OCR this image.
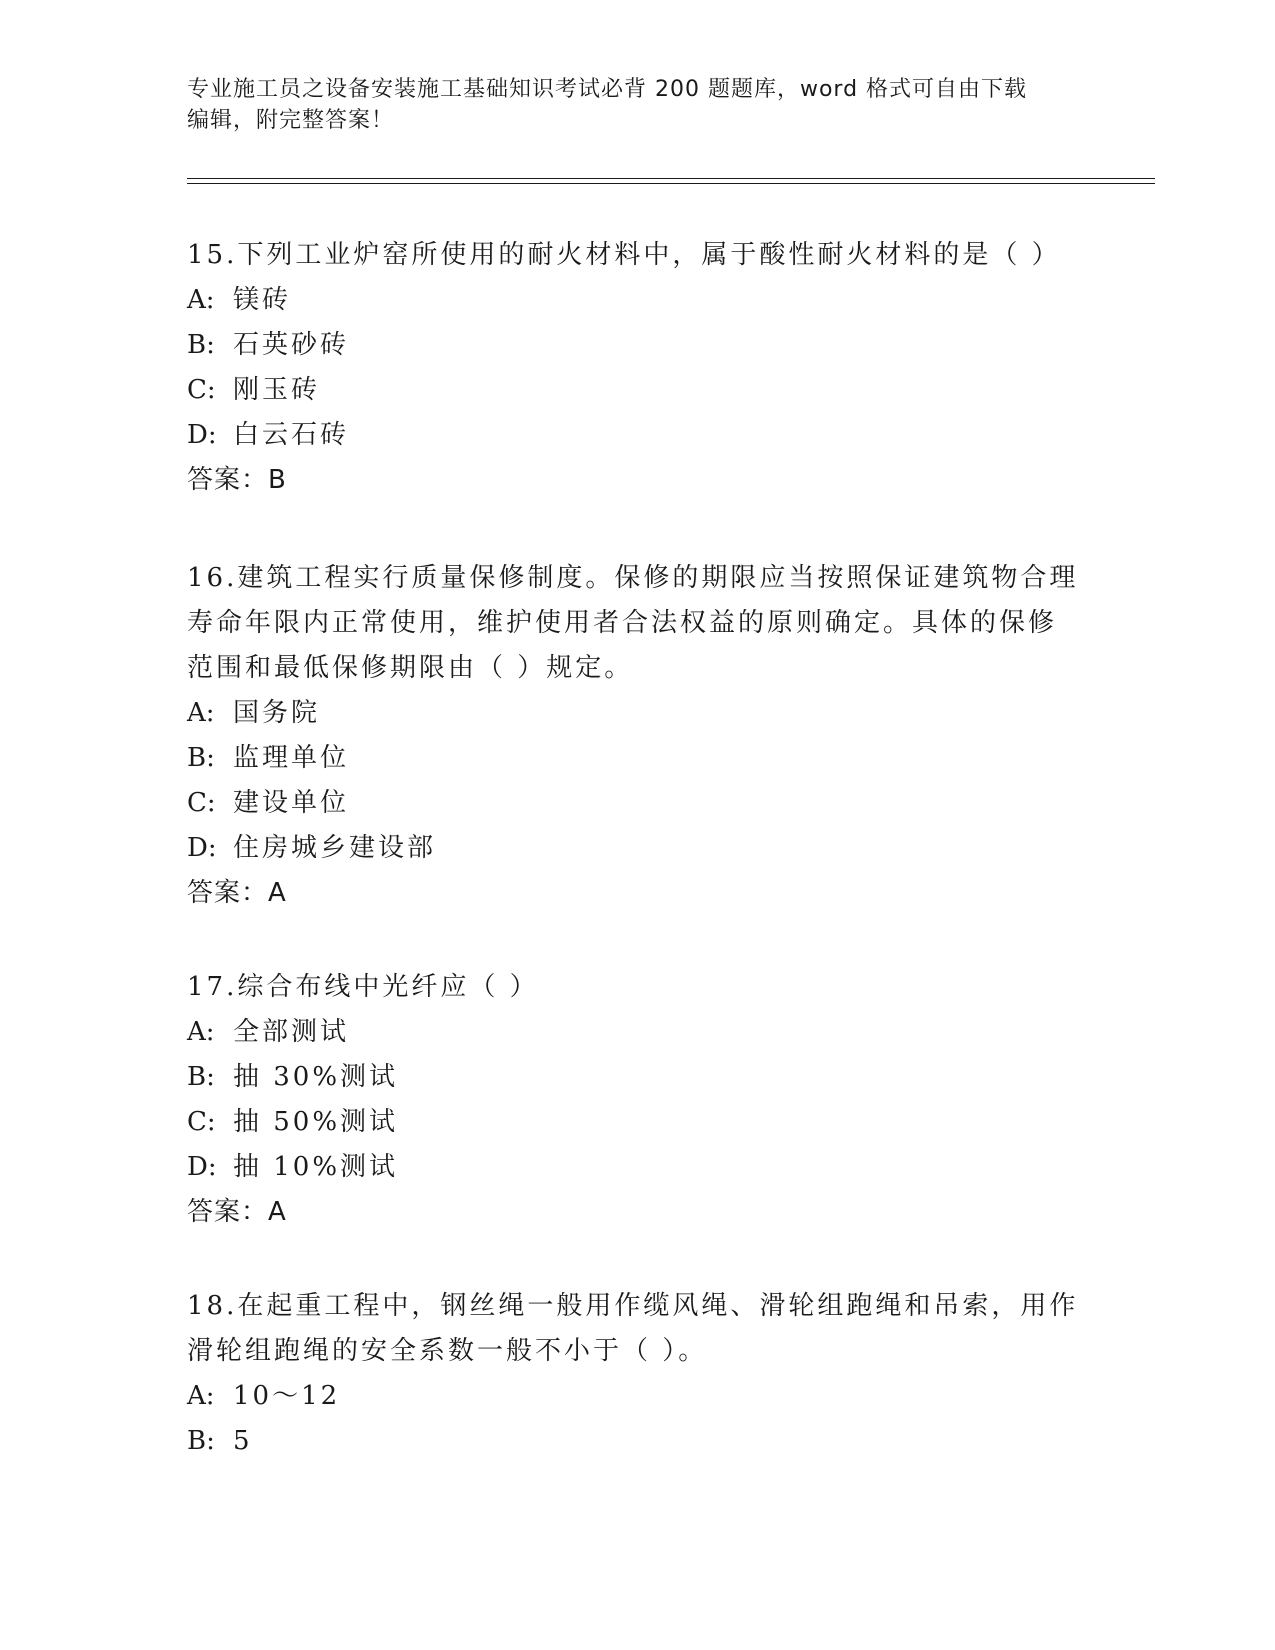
专业施工员之设备安装施工基础知识考试必背 200 题题库，word 格式可自由下载
编辑，附完整答案！
15.下列工业炉窑所使用的耐火材料中，属于酸性耐火材料的是（ ）
A: 镁砖
B: 石英砂砖
C: 刚玉砖
D: 白云石砖
答案：B
16.建筑工程实行质量保修制度。保修的期限应当按照保证建筑物合理
寿命年限内正常使用，维护使用者合法权益的原则确定。具体的保修
范围和最低保修期限由（ ）规定。
A: 国务院
B: 监理单位
C: 建设单位
D: 住房城乡建设部
答案：A
17.综合布线中光纤应（ ）
A: 全部测试
B: 抽 30%测试
C: 抽 50%测试
D: 抽 10%测试
答案：A
18.在起重工程中，钢丝绳一般用作缆风绳、滑轮组跑绳和吊索，用作
滑轮组跑绳的安全系数一般不小于（ ）。
A: 10～12
B: 5
